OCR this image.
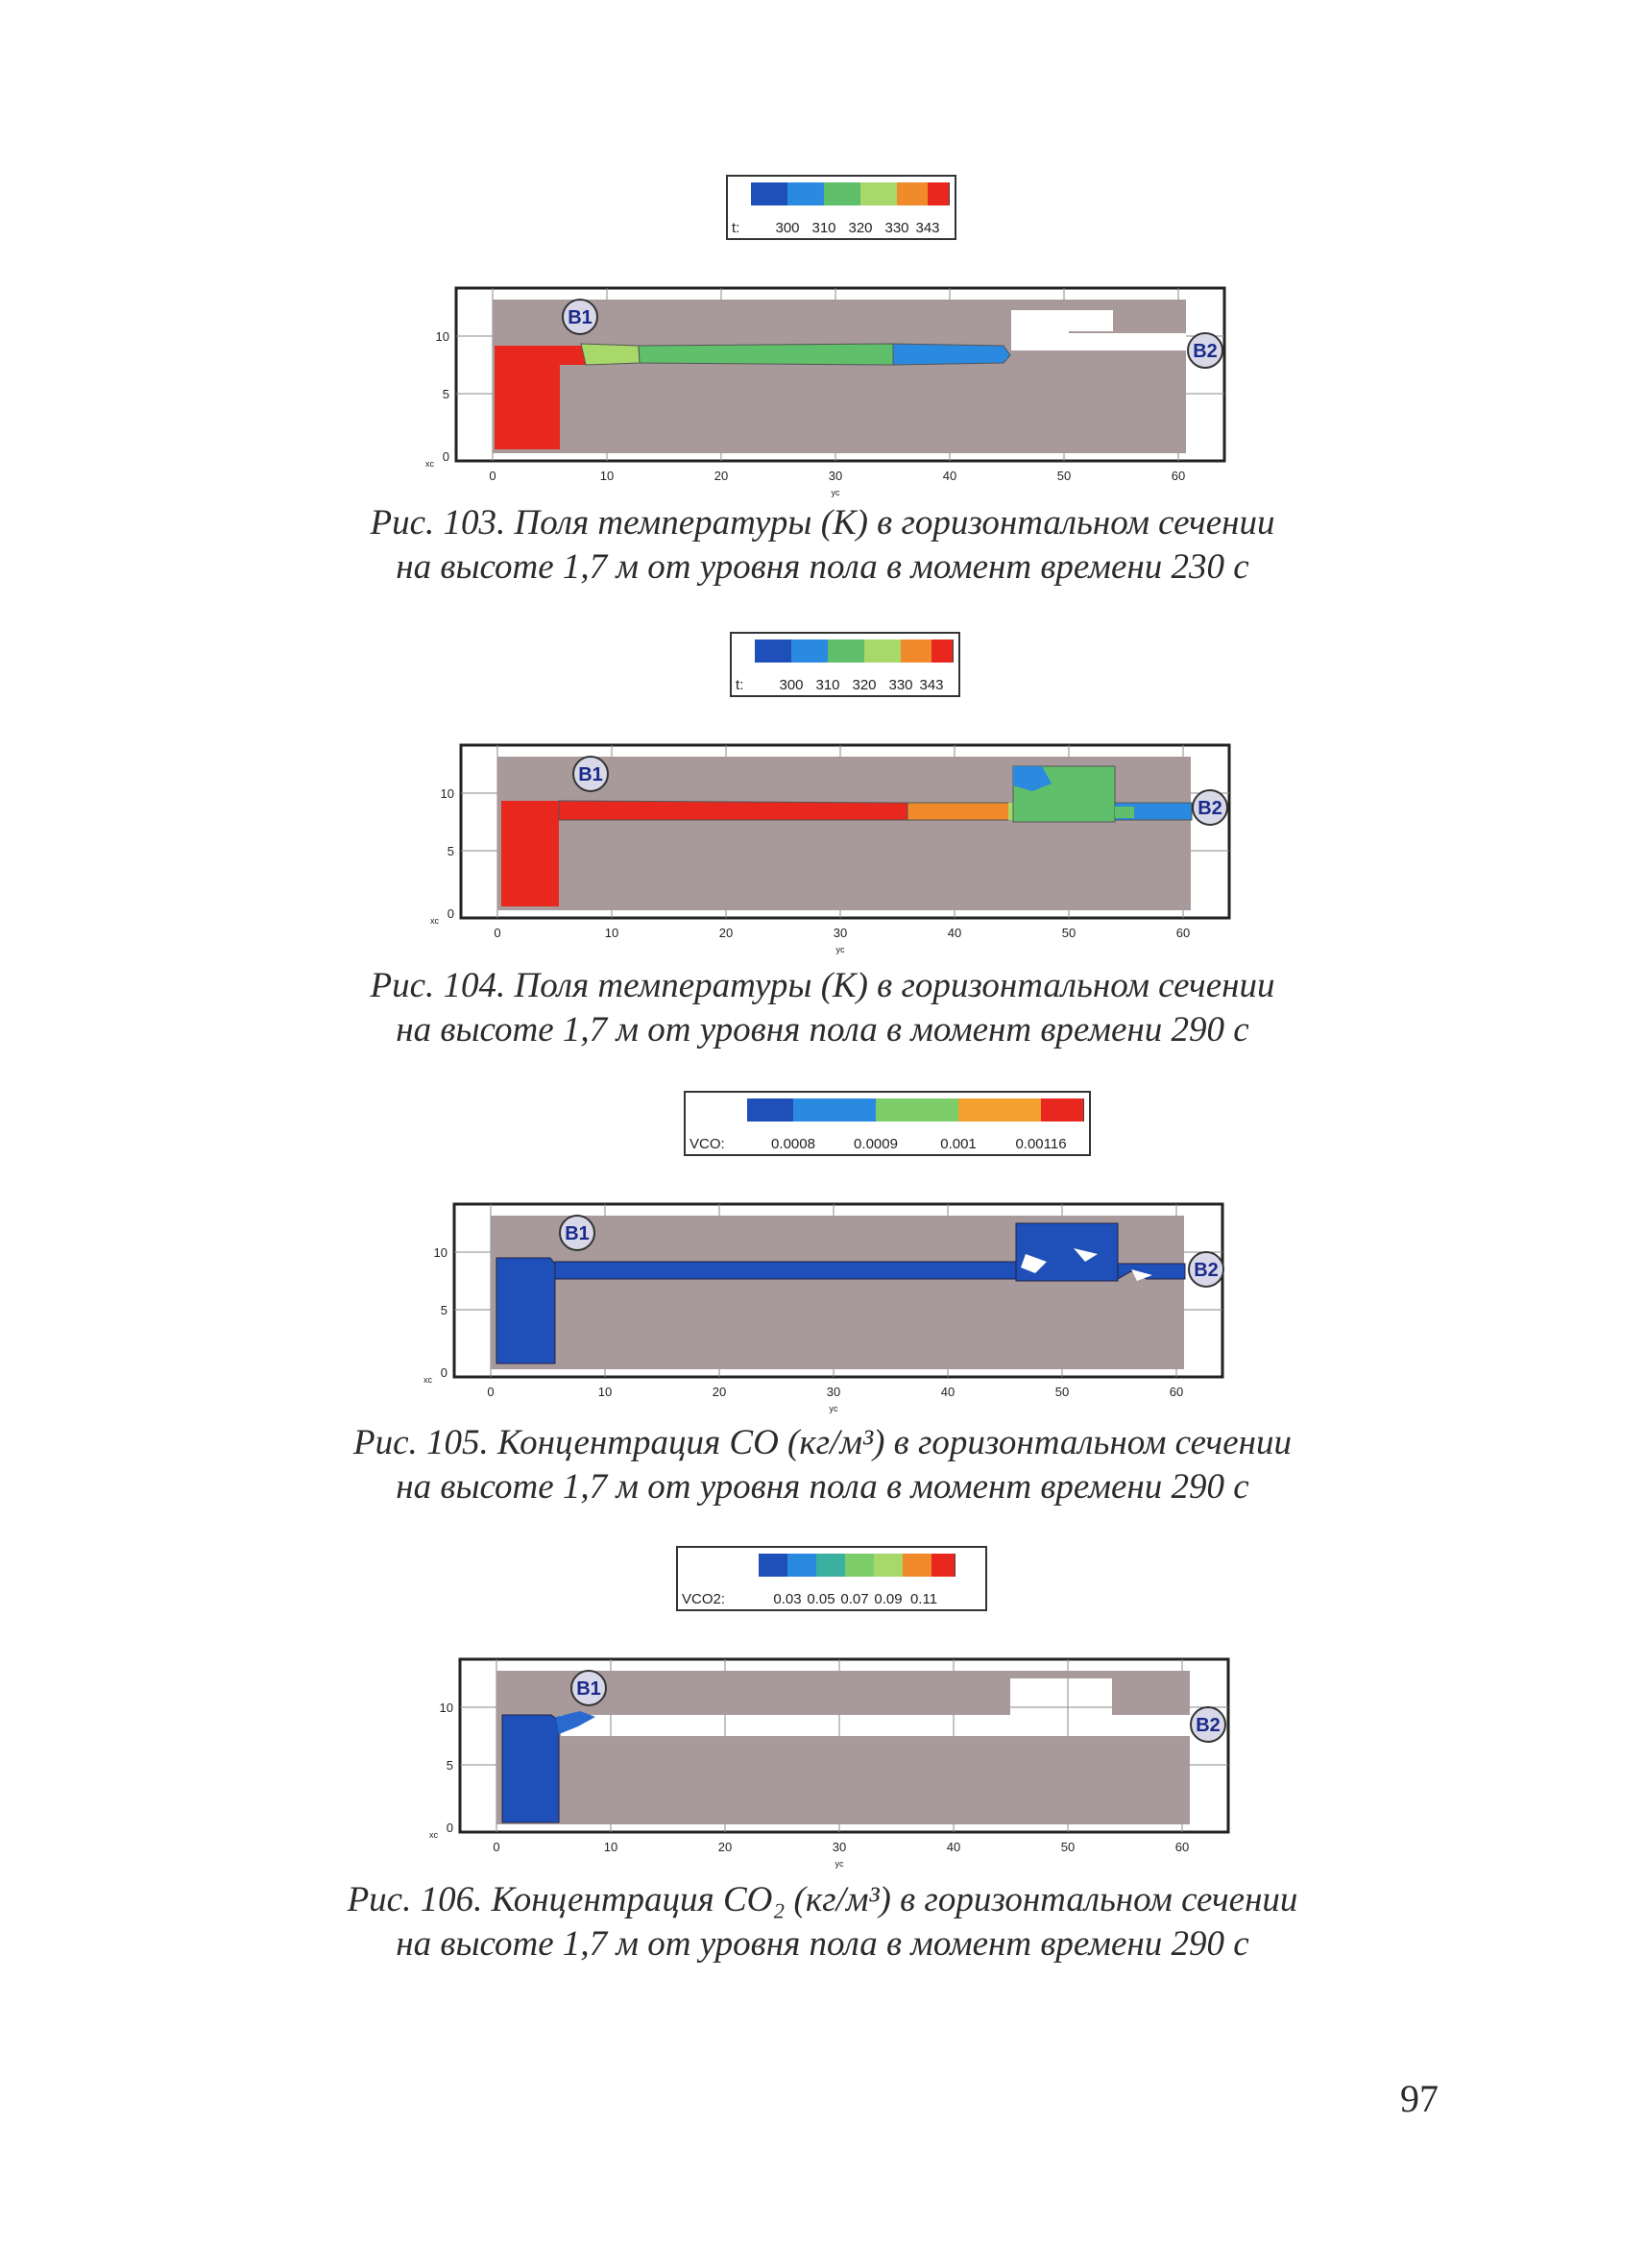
t: 300 310 320 330 343
B1
B2
0	10	20	30	40	50	60
yc
0
5
10
xc
Рис. 103. Поля температуры (К) в горизонтальном сечении
на высоте 1,7 м от уровня пола в момент времени 230 с
t: 300 310 320 330 343
B1
B2
0	10	20	30	40	50	60
yc
0
5
10
xc
Рис. 104. Поля температуры (К) в горизонтальном сечении
на высоте 1,7 м от уровня пола в момент времени 290 с
VCO:	0.0008	0.0009	0.001	0.00116
B1
B2
0	10	20	30	40	50	60
yc
0
5
10
xc
Рис. 105. Концентрация СО (кг/м³) в горизонтальном сечении
на высоте 1,7 м от уровня пола в момент времени 290 с
VCO2:	0.03 0.05 0.07 0.09 0.11
B1
B2
0	10	20	30	40	50	60
yc
0
5
10
xc
Рис. 106. Концентрация СО₂ (кг/м³) в горизонтальном сечении
на высоте 1,7 м от уровня пола в момент времени 290 с
97
